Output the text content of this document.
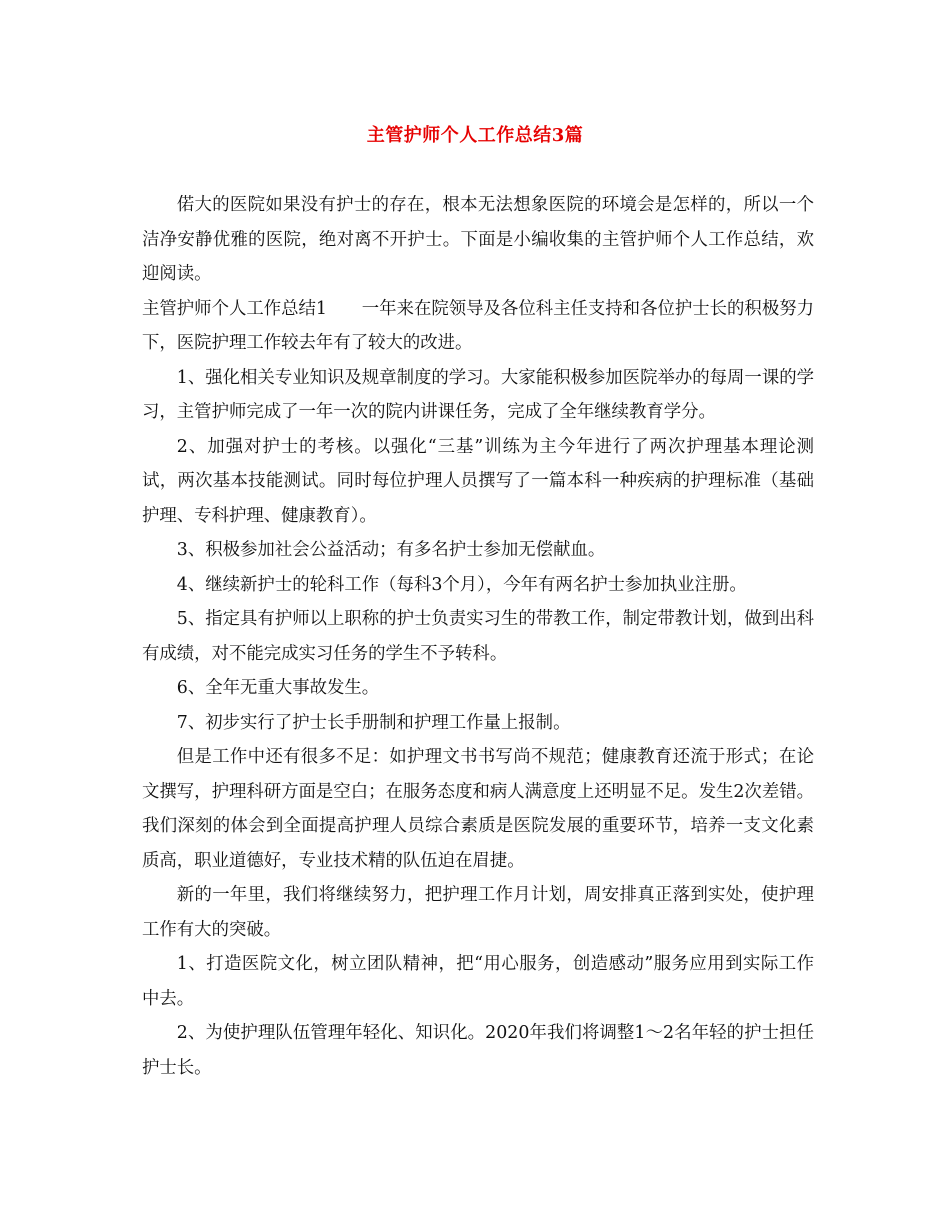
主管护师个人工作总结3篇

偌大的医院如果没有护士的存在，根本无法想象医院的环境会是怎样的，所以一个洁净安静优雅的医院，绝对离不开护士。下面是小编收集的主管护师个人工作总结，欢迎阅读。

主管护师个人工作总结1　　一年来在院领导及各位科主任支持和各位护士长的积极努力下，医院护理工作较去年有了较大的改进。

1、强化相关专业知识及规章制度的学习。大家能积极参加医院举办的每周一课的学习，主管护师完成了一年一次的院内讲课任务，完成了全年继续教育学分。

2、加强对护士的考核。以强化“三基”训练为主今年进行了两次护理基本理论测试，两次基本技能测试。同时每位护理人员撰写了一篇本科一种疾病的护理标准（基础护理、专科护理、健康教育）。

3、积极参加社会公益活动；有多名护士参加无偿献血。

4、继续新护士的轮科工作（每科3个月），今年有两名护士参加执业注册。

5、指定具有护师以上职称的护士负责实习生的带教工作，制定带教计划，做到出科有成绩，对不能完成实习任务的学生不予转科。

6、全年无重大事故发生。

7、初步实行了护士长手册制和护理工作量上报制。

但是工作中还有很多不足：如护理文书书写尚不规范；健康教育还流于形式；在论文撰写，护理科研方面是空白；在服务态度和病人满意度上还明显不足。发生2次差错。我们深刻的体会到全面提高护理人员综合素质是医院发展的重要环节，培养一支文化素质高，职业道德好，专业技术精的队伍迫在眉捷。

新的一年里，我们将继续努力，把护理工作月计划，周安排真正落到实处，使护理工作有大的突破。

1、打造医院文化，树立团队精神，把“用心服务，创造感动”服务应用到实际工作中去。

2、为使护理队伍管理年轻化、知识化。2020年我们将调整1～2名年轻的护士担任护士长。
